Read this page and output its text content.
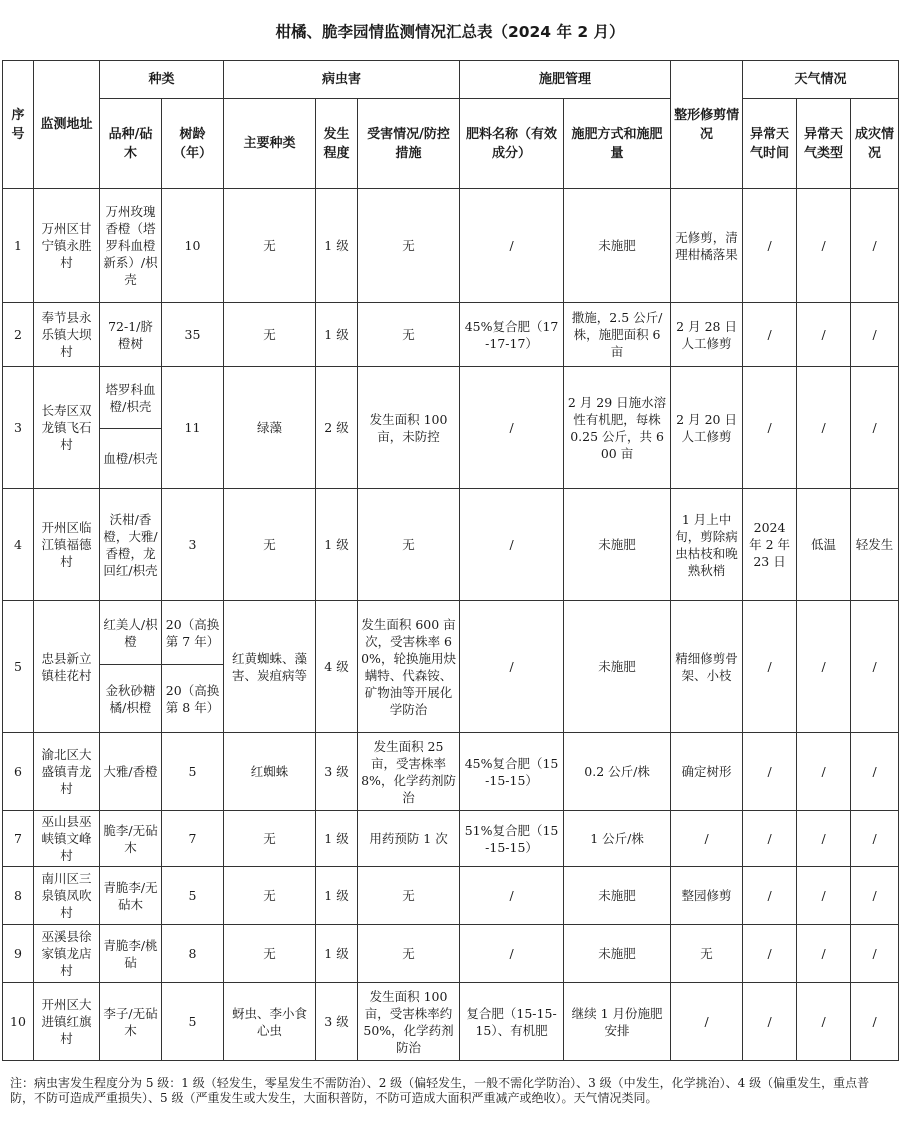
柑橘、脆李园情监测情况汇总表（2024 年 2 月）
序号	监测地址	种类		病虫害			施肥管理		整形修剪情况	天气情况		
		品种/砧木	树龄（年）	主要种类	发生程度	受害情况/防控措施	肥料名称（有效成分）	施肥方式和施肥量		异常天气时间	异常天气类型	成灾情况
1	万州区甘宁镇永胜村	万州玫瑰香橙（塔罗科血橙新系）/枳壳	10	无	1 级	无	/	未施肥	无修剪，清理柑橘落果	/	/	/
2	奉节县永乐镇大坝村	72-1/脐橙树	35	无	1 级	无	45%复合肥（17-17-17）	撒施，2.5 公斤/株，施肥面积 6 亩	2 月 28 日人工修剪	/	/	/
3	长寿区双龙镇飞石村	塔罗科血橙/枳壳	11	绿藻	2 级	发生面积 100 亩，未防控	/	2 月 29 日施水溶性有机肥，每株 0.25 公斤，共 600 亩	2 月 20 日人工修剪	/	/	/
		血橙/枳壳										
4	开州区临江镇福德村	沃柑/香橙，大雅/香橙，龙回红/枳壳	3	无	1 级	无	/	未施肥	1 月上中旬，剪除病虫枯枝和晚熟秋梢	2024 年 2 年 23 日	低温	轻发生
5	忠县新立镇桂花村	红美人/枳橙	20（高换第 7 年）	红黄蜘蛛、藻害、炭疽病等	4 级	发生面积 600 亩次，受害株率 60%，轮换施用炔螨特、代森铵、矿物油等开展化学防治	/	未施肥	精细修剪骨架、小枝	/	/	/
		金秋砂糖橘/枳橙	20（高换第 8 年）									
6	渝北区大盛镇青龙村	大雅/香橙	5	红蜘蛛	3 级	发生面积 25 亩，受害株率 8%，化学药剂防治	45%复合肥（15-15-15）	0.2 公斤/株	确定树形	/	/	/
7	巫山县巫峡镇文峰村	脆李/无砧木	7	无	1 级	用药预防 1 次	51%复合肥（15-15-15）	1 公斤/株	/	/	/	/
8	南川区三泉镇凤吹村	青脆李/无砧木	5	无	1 级	无	/	未施肥	整园修剪	/	/	/
9	巫溪县徐家镇龙店村	青脆李/桃砧	8	无	1 级	无	/	未施肥	无	/	/	/
10	开州区大进镇红旗村	李子/无砧木	5	蚜虫、李小食心虫	3 级	发生面积 100 亩，受害株率约 50%，化学药剂防治	复合肥（15-15-15）、有机肥	继续 1 月份施肥安排	/	/	/	/
注：病虫害发生程度分为 5 级：1 级（轻发生，零星发生不需防治）、2 级（偏轻发生，一般不需化学防治）、3 级（中发生，化学挑治）、4 级（偏重发生，重点普防，不防可造成严重损失）、5 级（严重发生或大发生，大面积普防，不防可造成大面积严重减产或绝收）。天气情况类同。
